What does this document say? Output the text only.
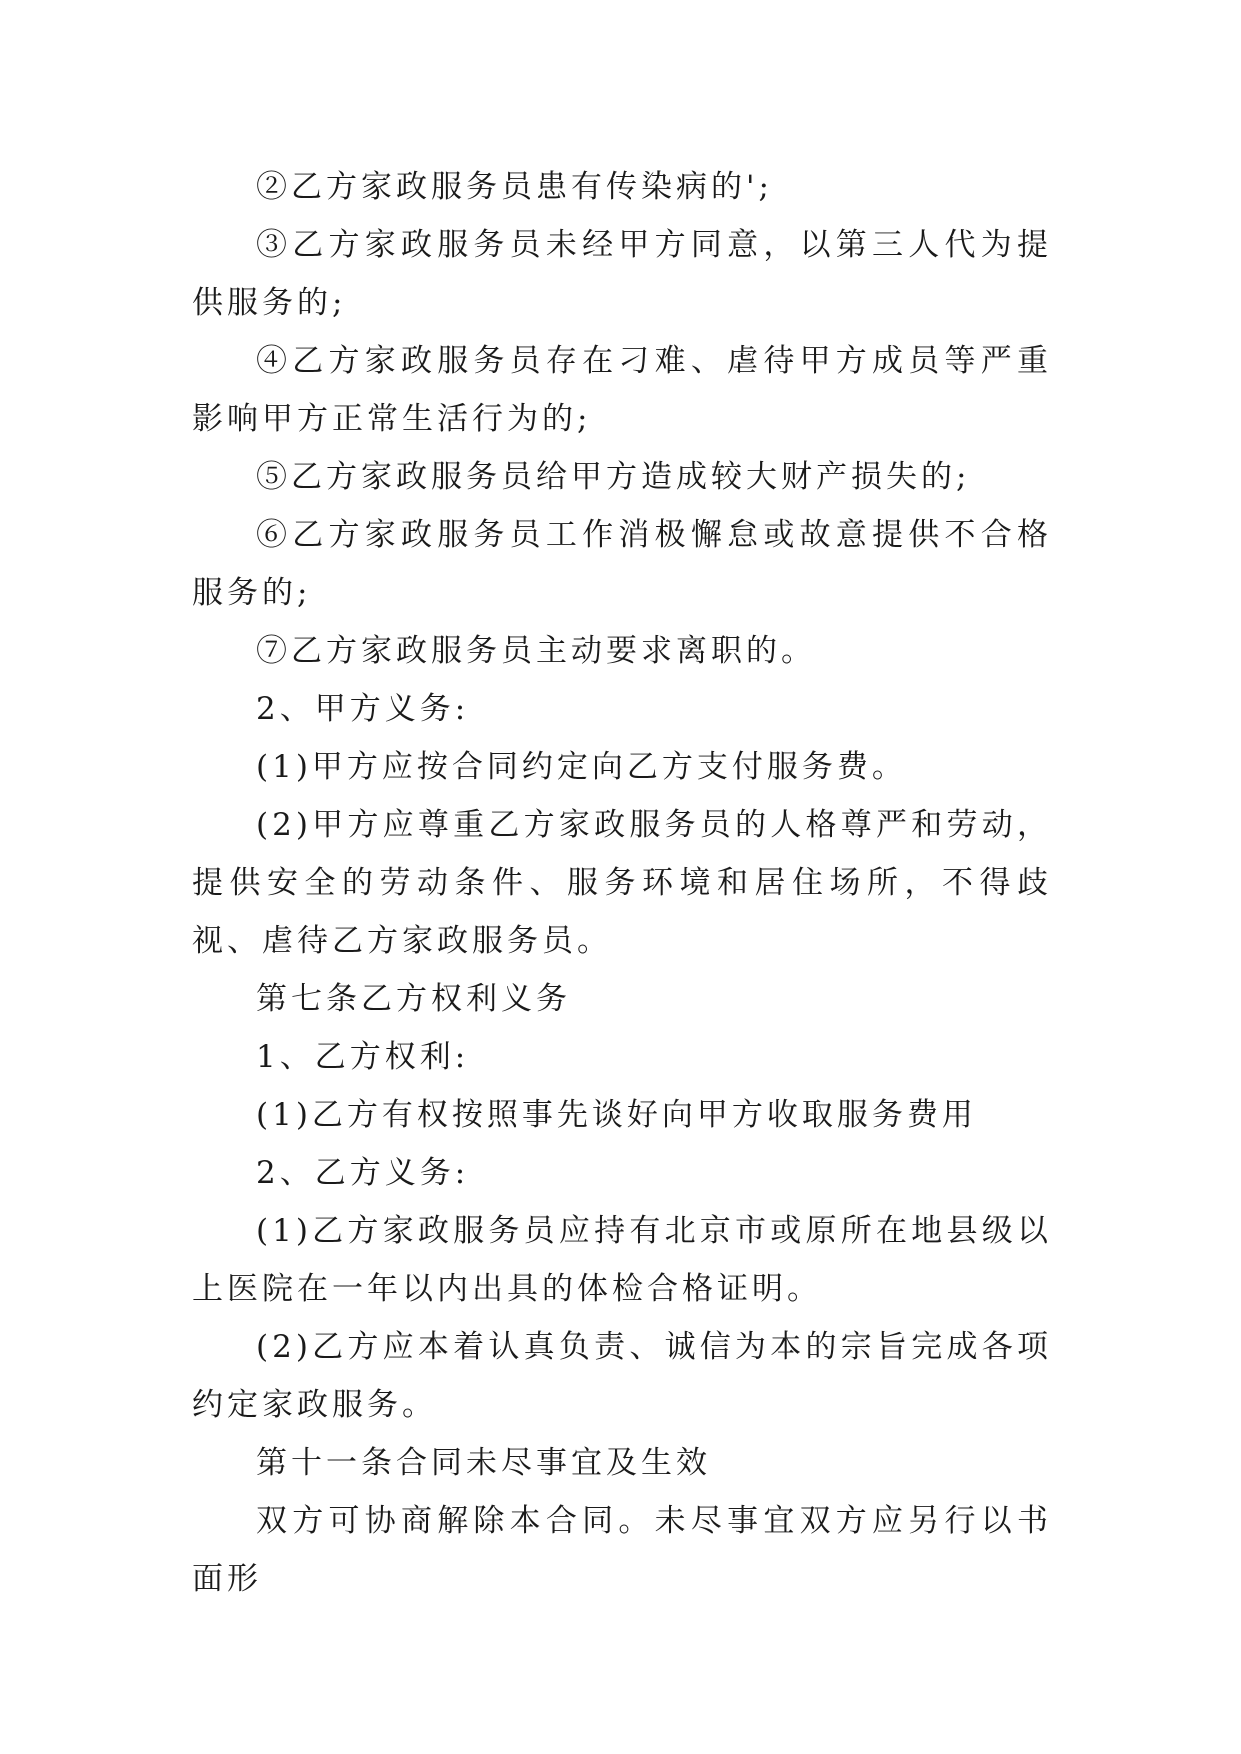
②乙方家政服务员患有传染病的';

③乙方家政服务员未经甲方同意，以第三人代为提供服务的;

④乙方家政服务员存在刁难、虐待甲方成员等严重影响甲方正常生活行为的;

⑤乙方家政服务员给甲方造成较大财产损失的;

⑥乙方家政服务员工作消极懈怠或故意提供不合格服务的;

⑦乙方家政服务员主动要求离职的。

2、甲方义务:

(1)甲方应按合同约定向乙方支付服务费。

(2)甲方应尊重乙方家政服务员的人格尊严和劳动，提供安全的劳动条件、服务环境和居住场所，不得歧视、虐待乙方家政服务员。

第七条乙方权利义务

1、乙方权利:

(1)乙方有权按照事先谈好向甲方收取服务费用

2、乙方义务:

(1)乙方家政服务员应持有北京市或原所在地县级以上医院在一年以内出具的体检合格证明。

(2)乙方应本着认真负责、诚信为本的宗旨完成各项约定家政服务。

第十一条合同未尽事宜及生效

双方可协商解除本合同。未尽事宜双方应另行以书面形
